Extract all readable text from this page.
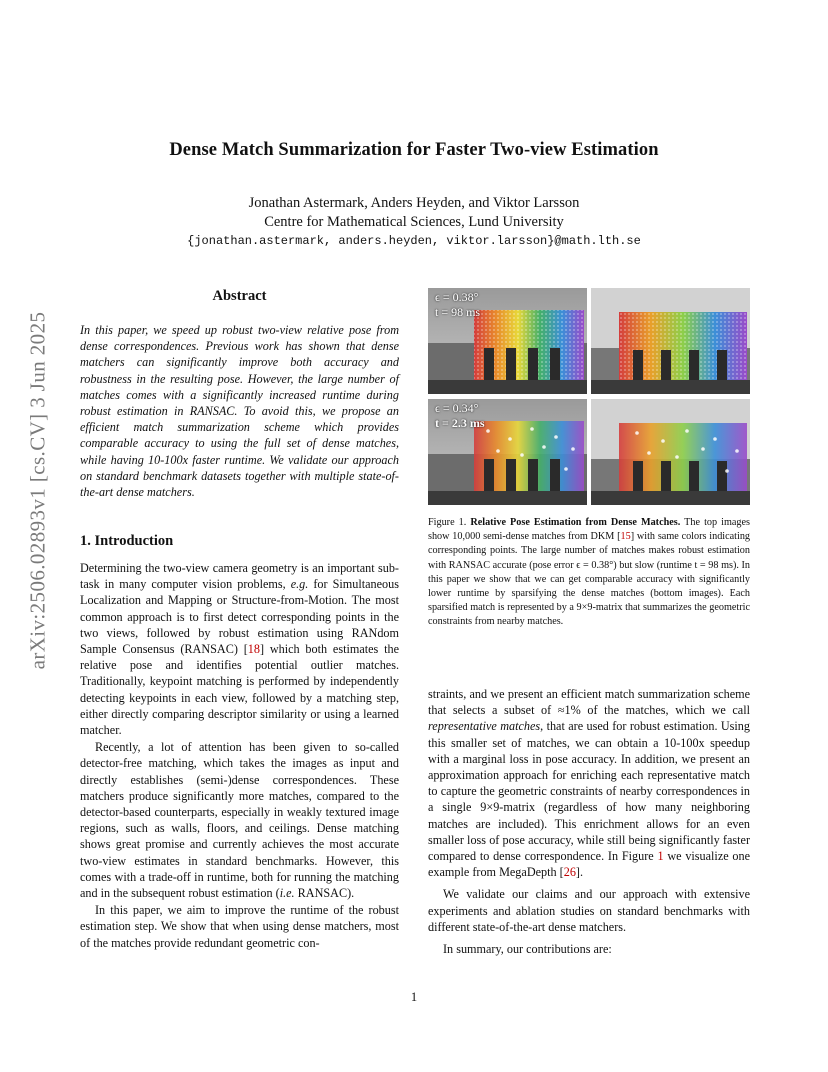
arXiv:2506.02893v1 [cs.CV] 3 Jun 2025
Dense Match Summarization for Faster Two-view Estimation
Jonathan Astermark, Anders Heyden, and Viktor Larsson
Centre for Mathematical Sciences, Lund University
{jonathan.astermark, anders.heyden, viktor.larsson}@math.lth.se
Abstract
In this paper, we speed up robust two-view relative pose from dense correspondences. Previous work has shown that dense matchers can significantly improve both accuracy and robustness in the resulting pose. However, the large number of matches comes with a significantly increased runtime during robust estimation in RANSAC. To avoid this, we propose an efficient match summarization scheme which provides comparable accuracy to using the full set of dense matches, while having 10-100x faster runtime. We validate our approach on standard benchmark datasets together with multiple state-of-the-art dense matchers.
1. Introduction

Determining the two-view camera geometry is an important sub-task in many computer vision problems, e.g. for Simultaneous Localization and Mapping or Structure-from-Motion. The most common approach is to first detect corresponding points in the two views, followed by robust estimation using RANdom Sample Consensus (RANSAC) [18] which both estimates the relative pose and identifies potential outlier matches. Traditionally, keypoint matching is performed by independently detecting keypoints in each view, followed by a matching step, either directly comparing descriptor similarity or using a learned matcher.

Recently, a lot of attention has been given to so-called detector-free matching, which takes the images as input and directly establishes (semi-)dense correspondences. These matchers produce significantly more matches, compared to the detector-based counterparts, especially in weakly textured image regions, such as walls, floors, and ceilings. Dense matching shows great promise and currently achieves the most accurate two-view estimates in standard benchmarks. However, this comes with a trade-off in runtime, both for running the matching and in the subsequent robust estimation (i.e. RANSAC).

In this paper, we aim to improve the runtime of the robust estimation step. We show that when using dense matchers, most of the matches provide redundant geometric con-

ϵ = 0.38°
t = 98 ms
ϵ = 0.34°
t = 2.3 ms
Figure 1. Relative Pose Estimation from Dense Matches. The top images show 10,000 semi-dense matches from DKM [15] with same colors indicating corresponding points. The large number of matches makes robust estimation with RANSAC accurate (pose error ϵ = 0.38°) but slow (runtime t = 98 ms). In this paper we show that we can get comparable accuracy with significantly lower runtime by sparsifying the dense matches (bottom images). Each sparsified match is represented by a 9×9-matrix that summarizes the geometric constraints from nearby matches.

straints, and we present an efficient match summarization scheme that selects a subset of ≈1% of the matches, which we call representative matches, that are used for robust estimation. Using this smaller set of matches, we can obtain a 10-100x speedup with a marginal loss in pose accuracy. In addition, we present an approximation approach for enriching each representative match to capture the geometric constraints of nearby correspondences in a single 9×9-matrix (regardless of how many neighboring matches are included). This enrichment allows for an even smaller loss of pose accuracy, while still being significantly faster compared to dense correspondence. In Figure 1 we visualize one example from MegaDepth [26].

We validate our claims and our approach with extensive experiments and ablation studies on standard benchmarks with different state-of-the-art dense matchers.

In summary, our contributions are:

1
